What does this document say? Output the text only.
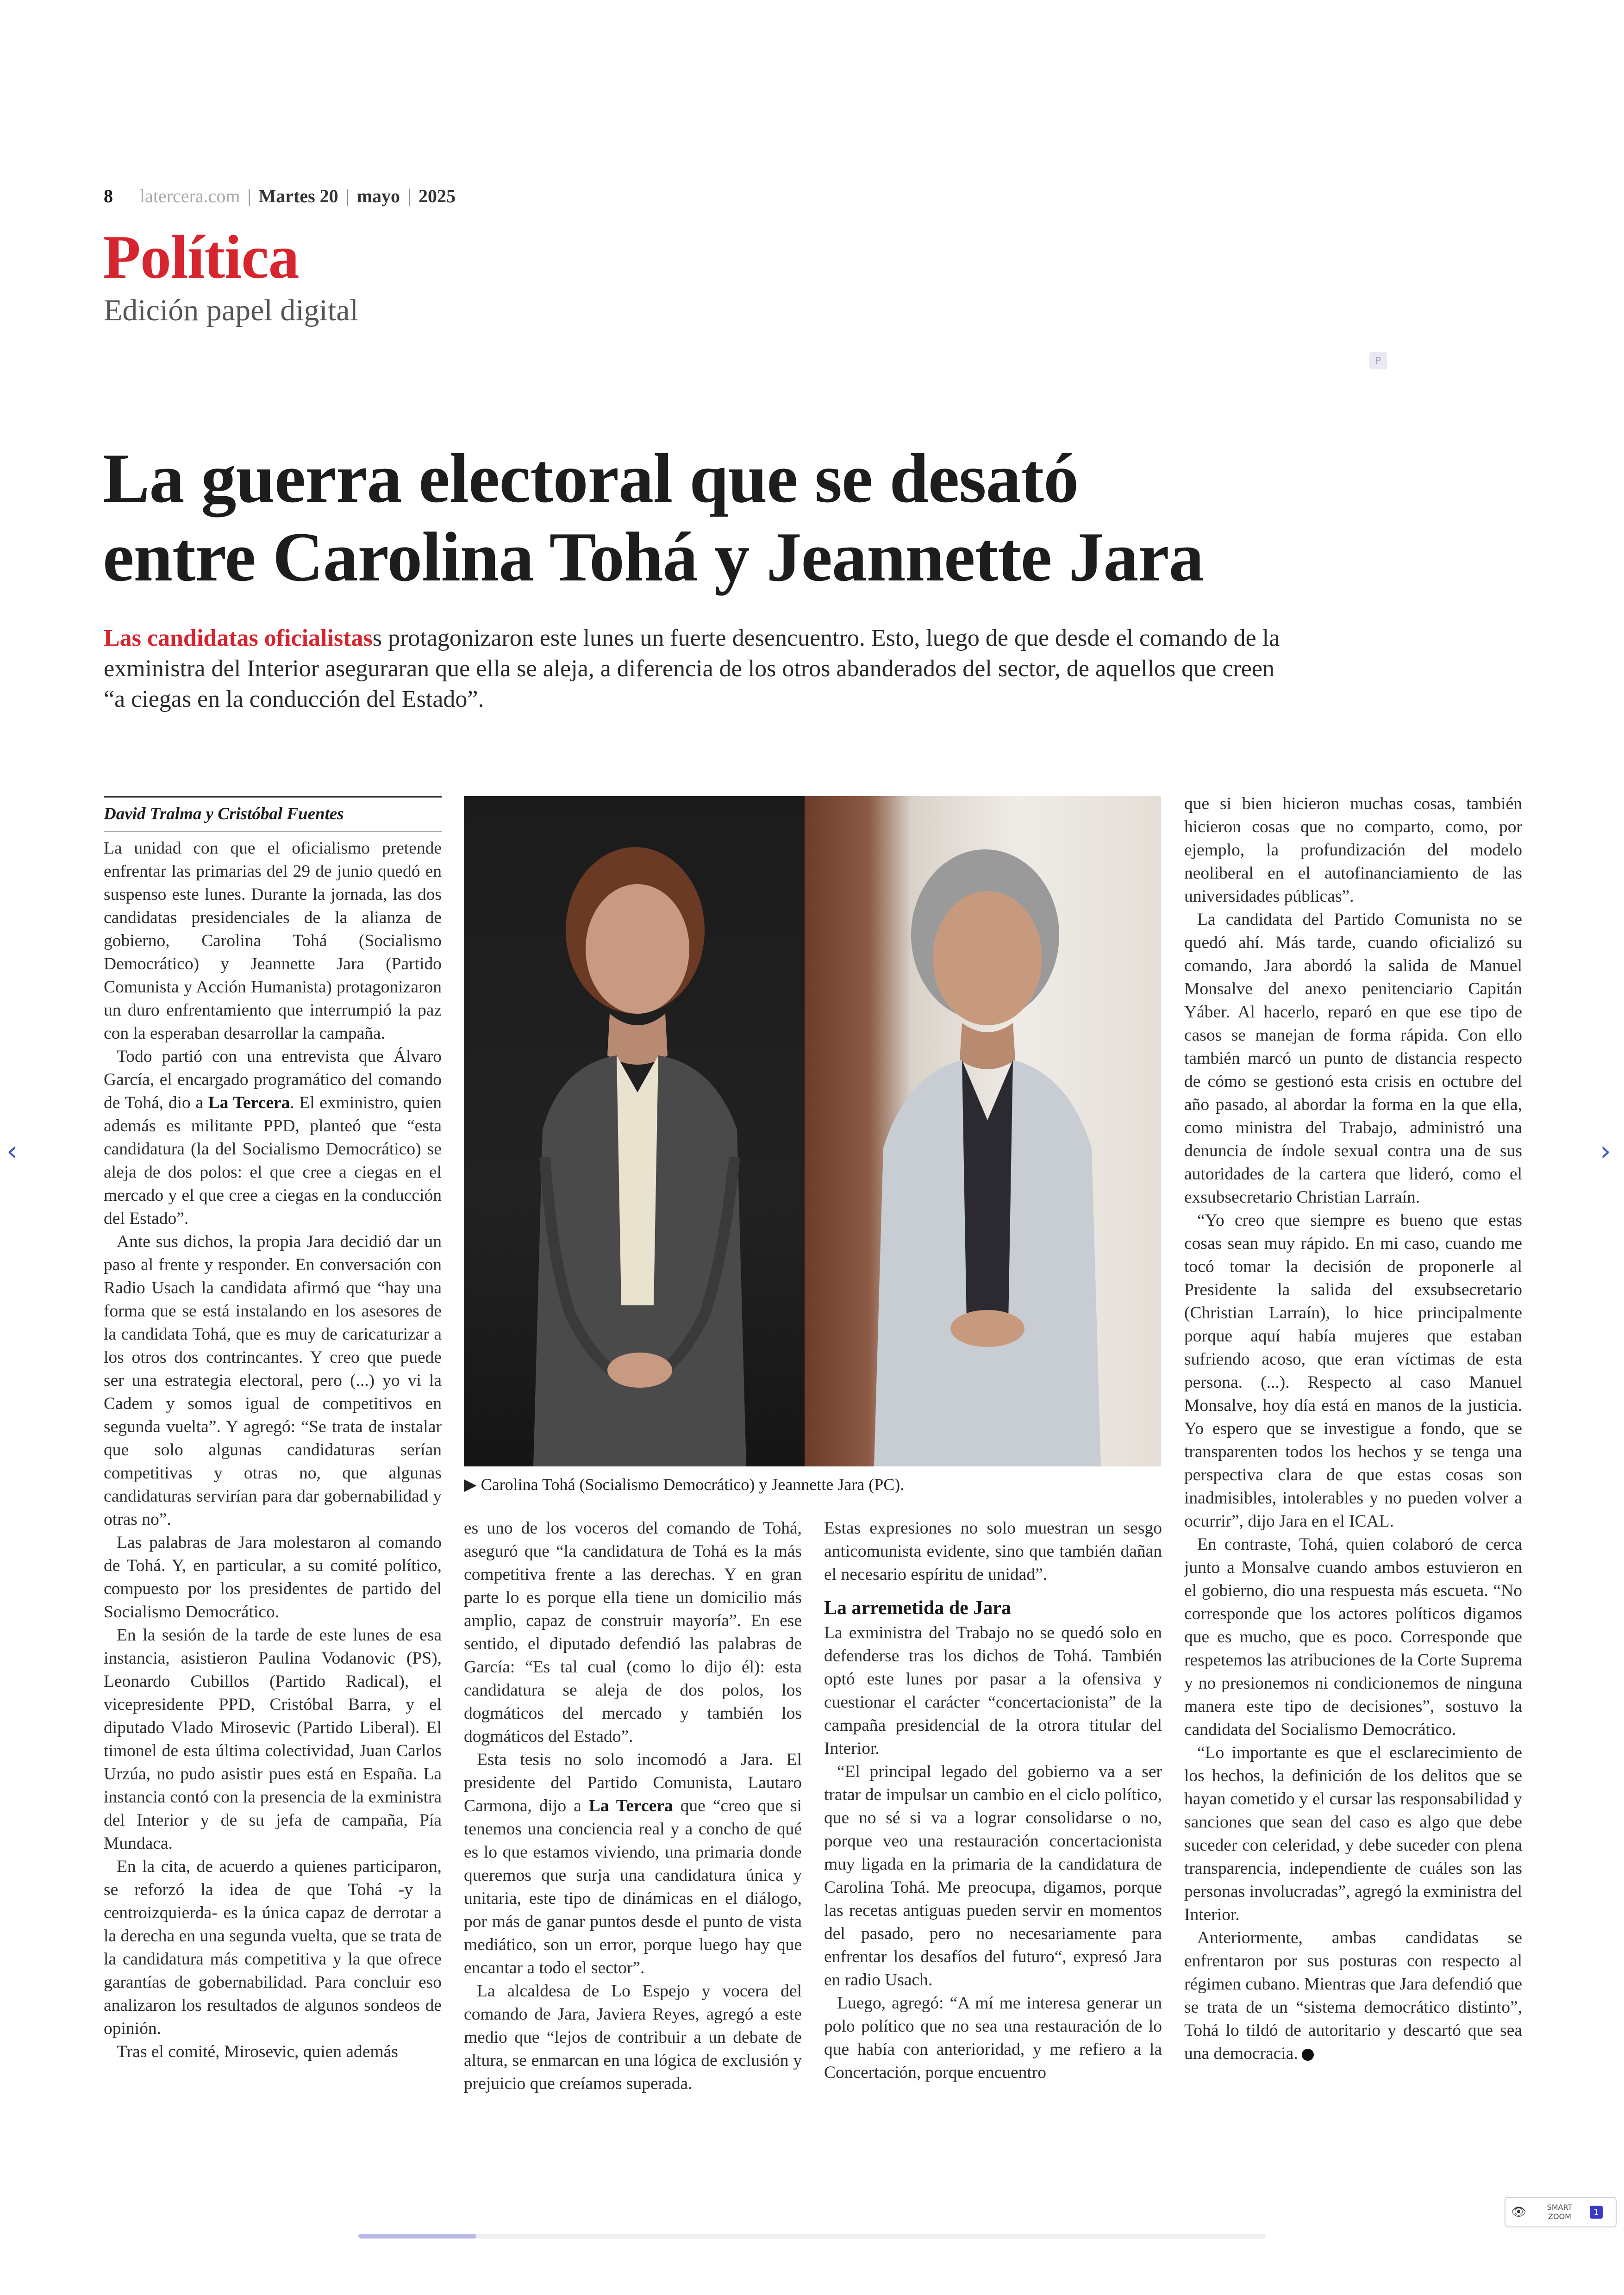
8 latercera.com | Martes 20 | mayo | 2025
Política
Edición papel digital
P
La guerra electoral que se desató
entre Carolina Tohá y Jeannette Jara

Las candidatas oficialistass protagonizaron este lunes un fuerte desencuentro. Esto, luego de que desde el comando de la exministra del Interior aseguraran que ella se aleja, a diferencia de los otros abanderados del sector, de aquellos que creen “a ciegas en la conducción del Estado”.

David Tralma y Cristóbal Fuentes

La unidad con que el oficialismo pretende enfrentar las primarias del 29 de junio quedó en suspenso este lunes. Durante la jornada, las dos candidatas presidenciales de la alianza de gobierno, Carolina Tohá (Socialismo Democrático) y Jeannette Jara (Partido Comunista y Acción Humanista) protagonizaron un duro enfrentamiento que interrumpió la paz con la esperaban desarrollar la campaña.

Todo partió con una entrevista que Álvaro García, el encargado programático del comando de Tohá, dio a La Tercera. El exministro, quien además es militante PPD, planteó que “esta candidatura (la del Socialismo Democrático) se aleja de dos polos: el que cree a ciegas en el mercado y el que cree a ciegas en la conducción del Estado”.

Ante sus dichos, la propia Jara decidió dar un paso al frente y responder. En conversación con Radio Usach la candidata afirmó que “hay una forma que se está instalando en los asesores de la candidata Tohá, que es muy de caricaturizar a los otros dos contrincantes. Y creo que puede ser una estrategia electoral, pero (...) yo vi la Cadem y somos igual de competitivos en segunda vuelta”. Y agregó: “Se trata de instalar que solo algunas candidaturas serían competitivas y otras no, que algunas candidaturas servirían para dar gobernabilidad y otras no”.

Las palabras de Jara molestaron al comando de Tohá. Y, en particular, a su comité político, compuesto por los presidentes de partido del Socialismo Democrático.

En la sesión de la tarde de este lunes de esa instancia, asistieron Paulina Vodanovic (PS), Leonardo Cubillos (Partido Radical), el vicepresidente PPD, Cristóbal Barra, y el diputado Vlado Mirosevic (Partido Liberal). El timonel de esta última colectividad, Juan Carlos Urzúa, no pudo asistir pues está en España. La instancia contó con la presencia de la exministra del Interior y de su jefa de campaña, Pía Mundaca.

En la cita, de acuerdo a quienes participaron, se reforzó la idea de que Tohá -y la centroizquierda- es la única capaz de derrotar a la derecha en una segunda vuelta, que se trata de la candidatura más competitiva y la que ofrece garantías de gobernabilidad. Para concluir eso analizaron los resultados de algunos sondeos de opinión.

Tras el comité, Mirosevic, quien además

▶ Carolina Tohá (Socialismo Democrático) y Jeannette Jara (PC).

es uno de los voceros del comando de Tohá, aseguró que “la candidatura de Tohá es la más competitiva frente a las derechas. Y en gran parte lo es porque ella tiene un domicilio más amplio, capaz de construir mayoría”. En ese sentido, el diputado defendió las palabras de García: “Es tal cual (como lo dijo él): esta candidatura se aleja de dos polos, los dogmáticos del mercado y también los dogmáticos del Estado”.

Esta tesis no solo incomodó a Jara. El presidente del Partido Comunista, Lautaro Carmona, dijo a La Tercera que “creo que si tenemos una conciencia real y a concho de qué es lo que estamos viviendo, una primaria donde queremos que surja una candidatura única y unitaria, este tipo de dinámicas en el diálogo, por más de ganar puntos desde el punto de vista mediático, son un error, porque luego hay que encantar a todo el sector”.

La alcaldesa de Lo Espejo y vocera del comando de Jara, Javiera Reyes, agregó a este medio que “lejos de contribuir a un debate de altura, se enmarcan en una lógica de exclusión y prejuicio que creíamos superada.

Estas expresiones no solo muestran un sesgo anticomunista evidente, sino que también dañan el necesario espíritu de unidad”.

La arremetida de Jara

La exministra del Trabajo no se quedó solo en defenderse tras los dichos de Tohá. También optó este lunes por pasar a la ofensiva y cuestionar el carácter “concertacionista” de la campaña presidencial de la otrora titular del Interior.

“El principal legado del gobierno va a ser tratar de impulsar un cambio en el ciclo político, que no sé si va a lograr consolidarse o no, porque veo una restauración concertacionista muy ligada en la primaria de la candidatura de Carolina Tohá. Me preocupa, digamos, porque las recetas antiguas pueden servir en momentos del pasado, pero no necesariamente para enfrentar los desafíos del futuro“, expresó Jara en radio Usach.

Luego, agregó: “A mí me interesa generar un polo político que no sea una restauración de lo que había con anterioridad, y me refiero a la Concertación, porque encuentro

que si bien hicieron muchas cosas, también hicieron cosas que no comparto, como, por ejemplo, la profundización del modelo neoliberal en el autofinanciamiento de las universidades públicas”.

La candidata del Partido Comunista no se quedó ahí. Más tarde, cuando oficializó su comando, Jara abordó la salida de Manuel Monsalve del anexo penitenciario Capitán Yáber. Al hacerlo, reparó en que ese tipo de casos se manejan de forma rápida. Con ello también marcó un punto de distancia respecto de cómo se gestionó esta crisis en octubre del año pasado, al abordar la forma en la que ella, como ministra del Trabajo, administró una denuncia de índole sexual contra una de sus autoridades de la cartera que lideró, como el exsubsecretario Christian Larraín.

“Yo creo que siempre es bueno que estas cosas sean muy rápido. En mi caso, cuando me tocó tomar la decisión de proponerle al Presidente la salida del exsubsecretario (Christian Larraín), lo hice principalmente porque aquí había mujeres que estaban sufriendo acoso, que eran víctimas de esta persona. (...). Respecto al caso Manuel Monsalve, hoy día está en manos de la justicia. Yo espero que se investigue a fondo, que se transparenten todos los hechos y se tenga una perspectiva clara de que estas cosas son inadmisibles, intolerables y no pueden volver a ocurrir”, dijo Jara en el ICAL.

En contraste, Tohá, quien colaboró de cerca junto a Monsalve cuando ambos estuvieron en el gobierno, dio una respuesta más escueta. “No corresponde que los actores políticos digamos que es mucho, que es poco. Corresponde que respetemos las atribuciones de la Corte Suprema y no presionemos ni condicionemos de ninguna manera este tipo de decisiones”, sostuvo la candidata del Socialismo Democrático.

“Lo importante es que el esclarecimiento de los hechos, la definición de los delitos que se hayan cometido y el cursar las responsabilidad y sanciones que sean del caso es algo que debe suceder con celeridad, y debe suceder con plena transparencia, independiente de cuáles son las personas involucradas”, agregó la exministra del Interior.

Anteriormente, ambas candidatas se enfrentaron por sus posturas con respecto al régimen cubano. Mientras que Jara defendió que se trata de un “sistema democrático distinto”, Tohá lo tildó de autoritario y descartó que sea una democracia.

‹	›
👁	SMART
ZOOM	1
